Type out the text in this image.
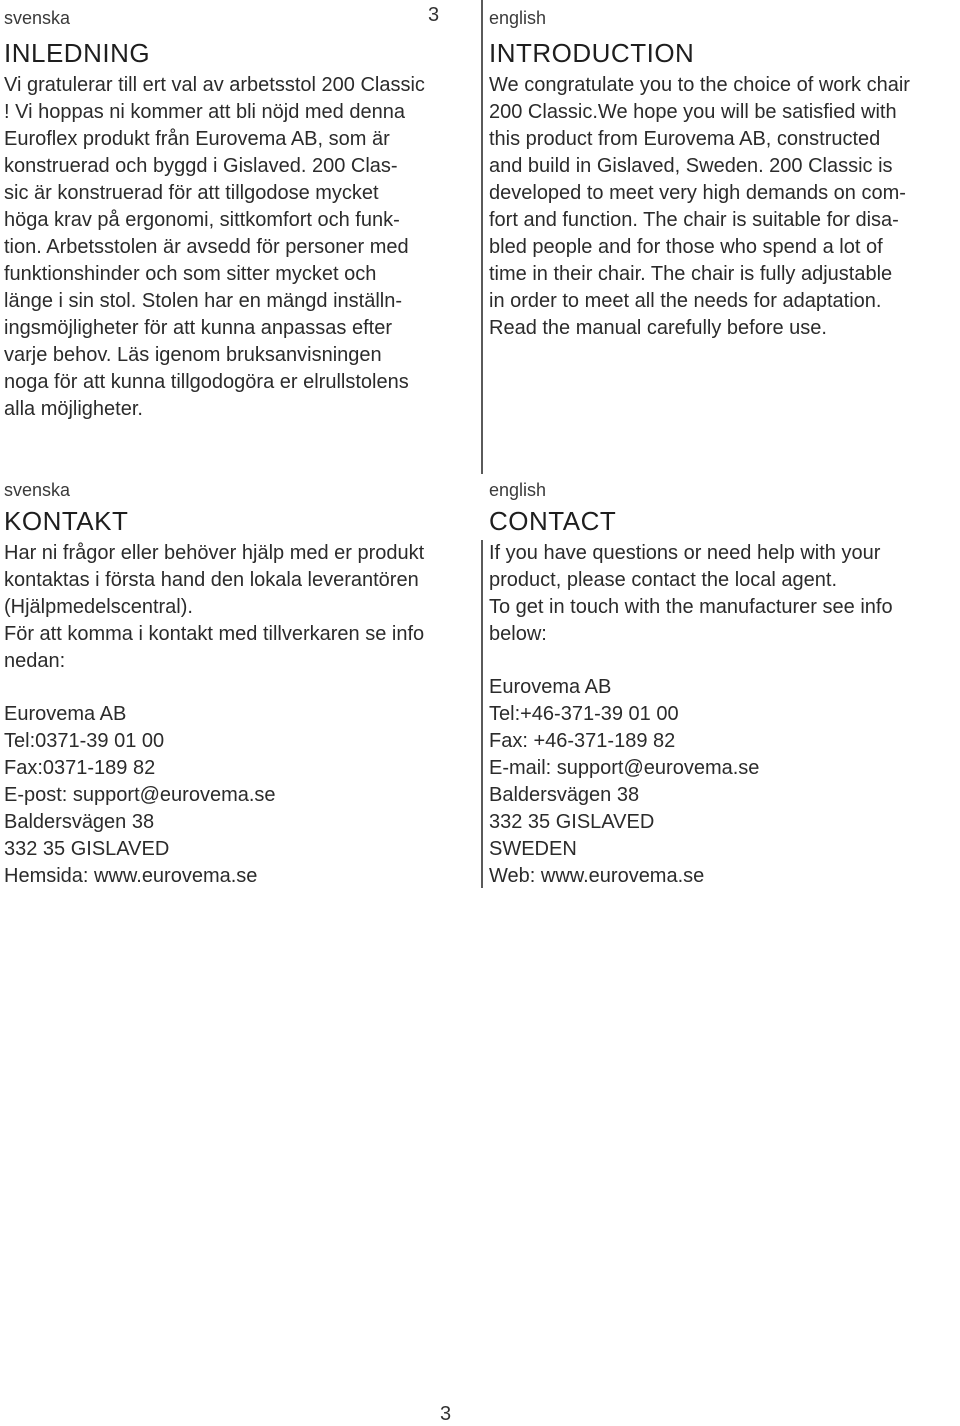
3
svenska
INLEDNING
Vi gratulerar till ert val av arbetsstol 200 Classic
! Vi hoppas ni kommer att bli nöjd med denna
Euroflex produkt från Eurovema AB, som är
konstruerad och byggd i Gislaved. 200 Clas-
sic är konstruerad för att tillgodose mycket
höga krav på ergonomi, sittkomfort och funk-
tion. Arbetsstolen är avsedd för personer med
funktionshinder och som sitter mycket och
länge i sin stol. Stolen har en mängd inställn-
ingsmöjligheter för att kunna anpassas efter
varje behov. Läs igenom bruksanvisningen
noga för att kunna tillgodogöra er elrullstolens
alla möjligheter.
english
INTRODUCTION
We congratulate you to the choice of work chair
200 Classic.We hope you will be satisfied with
this product from Eurovema AB, constructed
and build in Gislaved, Sweden. 200 Classic is
developed to meet very high demands on com-
fort and function. The chair is suitable for disa-
bled people and for those who spend a lot of
time in their chair. The chair is fully adjustable
in order to meet all the needs for adaptation.
Read the manual carefully before use.
svenska
KONTAKT
Har ni frågor eller behöver hjälp med er produkt
kontaktas i första hand den lokala leverantören
(Hjälpmedelscentral).
För att komma i kontakt med tillverkaren se info
nedan:
Eurovema AB
Tel:0371-39 01 00
Fax:0371-189 82
E-post: support@eurovema.se
Baldersvägen 38
332 35 GISLAVED
Hemsida: www.eurovema.se
english
CONTACT
If you have questions or need help with your
product, please contact the local agent.
To get in touch with the manufacturer see info
below:
Eurovema AB
Tel:+46-371-39 01 00
Fax: +46-371-189 82
E-mail: support@eurovema.se
Baldersvägen 38
332 35 GISLAVED
SWEDEN
Web: www.eurovema.se
3
